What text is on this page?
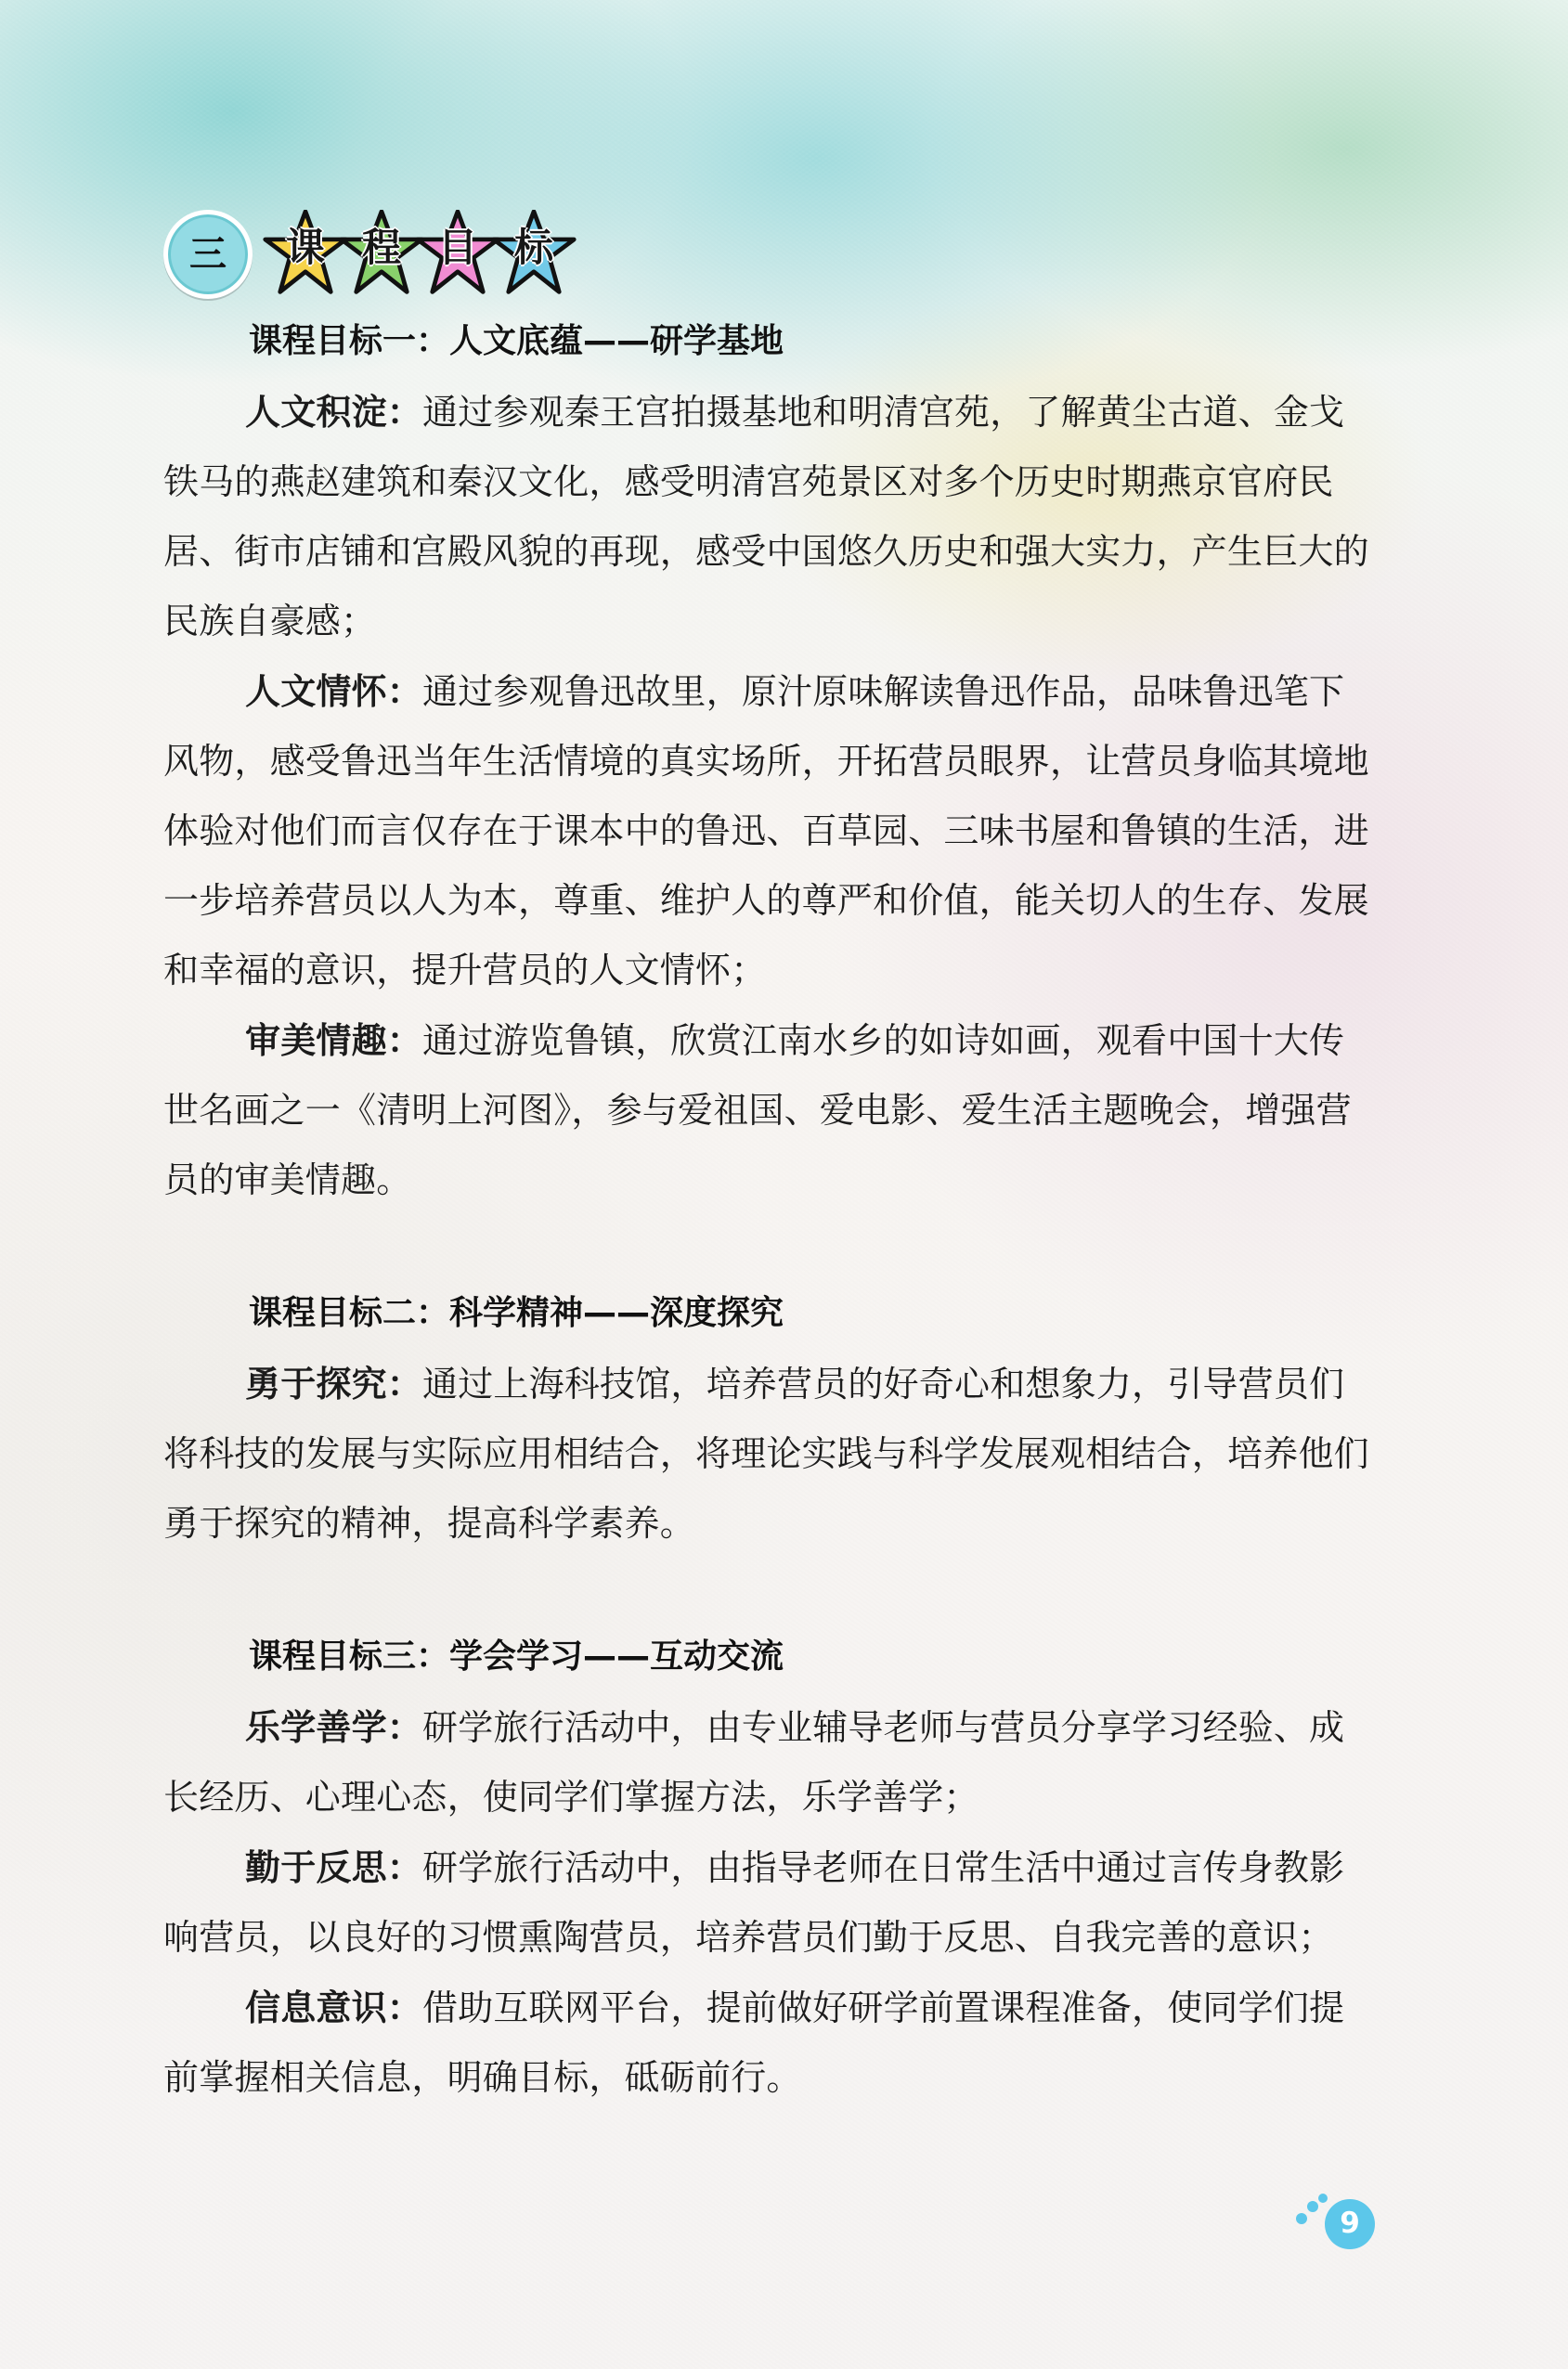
三	课 程 目 标
课程目标一：人文底蕴——研学基地

人文积淀：通过参观秦王宫拍摄基地和明清宫苑，了解黄尘古道、金戈铁马的燕赵建筑和秦汉文化，感受明清宫苑景区对多个历史时期燕京官府民居、街市店铺和宫殿风貌的再现，感受中国悠久历史和强大实力，产生巨大的民族自豪感；

人文情怀：通过参观鲁迅故里，原汁原味解读鲁迅作品，品味鲁迅笔下风物，感受鲁迅当年生活情境的真实场所，开拓营员眼界，让营员身临其境地体验对他们而言仅存在于课本中的鲁迅、百草园、三味书屋和鲁镇的生活，进一步培养营员以人为本，尊重、维护人的尊严和价值，能关切人的生存、发展和幸福的意识，提升营员的人文情怀；

审美情趣：通过游览鲁镇，欣赏江南水乡的如诗如画，观看中国十大传世名画之一《清明上河图》，参与爱祖国、爱电影、爱生活主题晚会，增强营员的审美情趣。

课程目标二：科学精神——深度探究

勇于探究：通过上海科技馆，培养营员的好奇心和想象力，引导营员们将科技的发展与实际应用相结合，将理论实践与科学发展观相结合，培养他们勇于探究的精神，提高科学素养。

课程目标三：学会学习——互动交流

乐学善学：研学旅行活动中，由专业辅导老师与营员分享学习经验、成长经历、心理心态，使同学们掌握方法，乐学善学；

勤于反思：研学旅行活动中，由指导老师在日常生活中通过言传身教影响营员，以良好的习惯熏陶营员，培养营员们勤于反思、自我完善的意识；

信息意识：借助互联网平台，提前做好研学前置课程准备，使同学们提前掌握相关信息，明确目标，砥砺前行。

9
